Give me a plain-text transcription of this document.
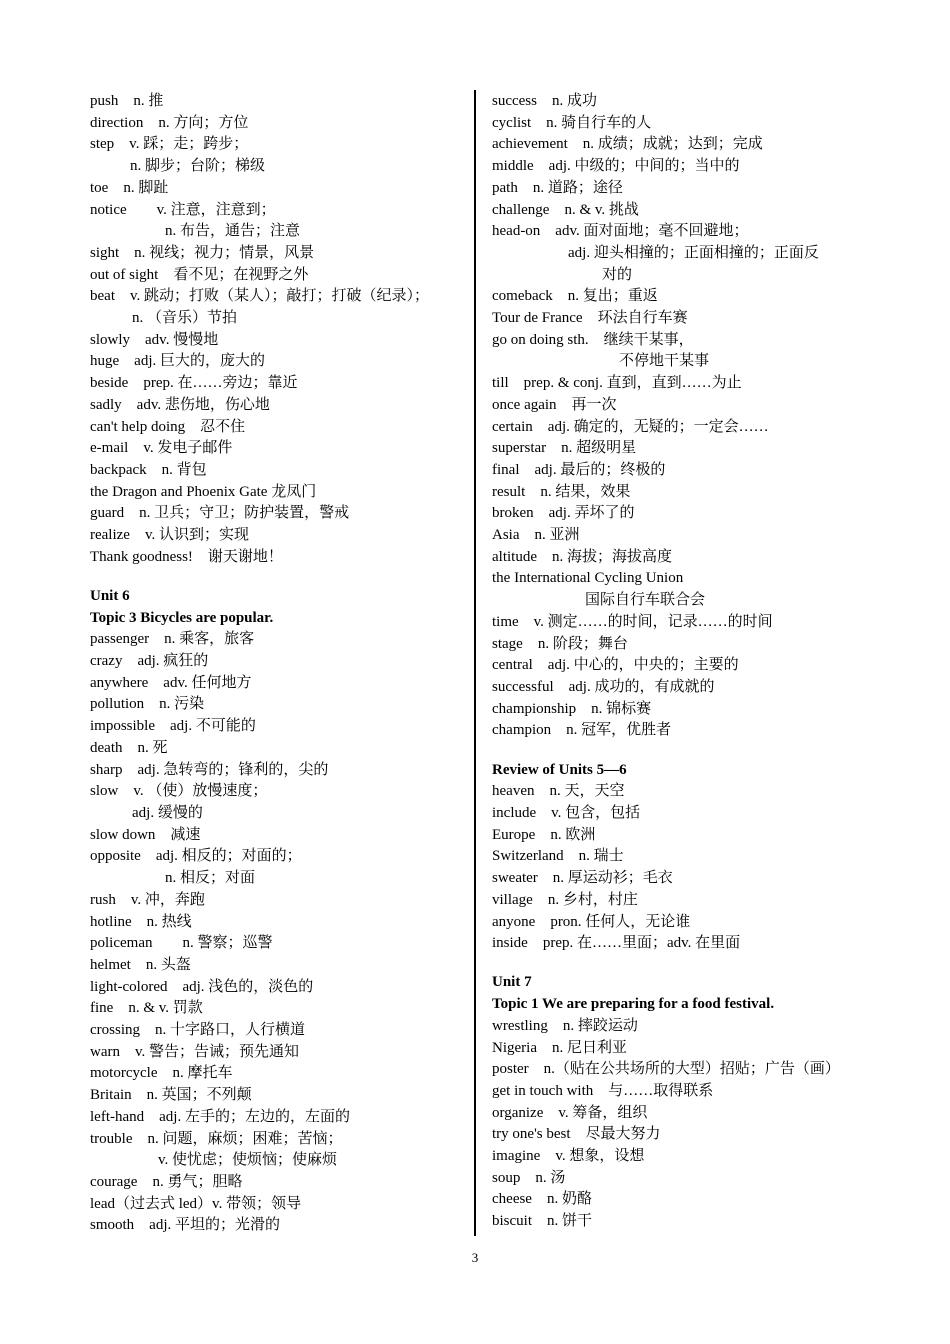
push n. 推
direction n. 方向；方位
step v. 踩；走；跨步；
n. 脚步；台阶；梯级
toe n. 脚趾
notice  v. 注意，注意到；
n. 布告，通告；注意
sight n. 视线；视力；情景，风景
out of sight 看不见；在视野之外
beat v. 跳动；打败（某人）；敲打；打破（纪录）；
n. （音乐）节拍
slowly adv. 慢慢地
huge adj. 巨大的，庞大的
beside prep. 在……旁边；靠近
sadly adv. 悲伤地，伤心地
can't help doing 忍不住
e-mail v. 发电子邮件
backpack n. 背包
the Dragon and Phoenix Gate 龙凤门
guard n. 卫兵；守卫；防护装置，警戒
realize v. 认识到；实现
Thank goodness! 谢天谢地！
Unit 6
Topic 3 Bicycles are popular.
passenger n. 乘客，旅客
crazy adj. 疯狂的
anywhere adv. 任何地方
pollution n. 污染
impossible adj. 不可能的
death n. 死
sharp adj. 急转弯的；锋利的，尖的
slow v. （使）放慢速度；
adj. 缓慢的
slow down 减速
opposite adj. 相反的；对面的；
n. 相反；对面
rush v. 冲，奔跑
hotline n. 热线
policeman  n. 警察；巡警
helmet n. 头盔
light-colored adj. 浅色的，淡色的
fine n. & v. 罚款
crossing n. 十字路口，人行横道
warn v. 警告；告诫；预先通知
motorcycle n. 摩托车
Britain n. 英国；不列颠
left-hand adj. 左手的；左边的，左面的
trouble n. 问题，麻烦；困难；苦恼；
v. 使忧虑；使烦恼；使麻烦
courage n. 勇气；胆略
lead（过去式 led）v. 带领；领导
smooth adj. 平坦的；光滑的
success n. 成功
cyclist n. 骑自行车的人
achievement n. 成绩；成就；达到；完成
middle adj. 中级的；中间的；当中的
path n. 道路；途径
challenge n. & v. 挑战
head-on adv. 面对面地；毫不回避地；
adj. 迎头相撞的；正面相撞的；正面反
对的
comeback n. 复出；重返
Tour de France 环法自行车赛
go on doing sth. 继续干某事，
不停地干某事
till prep. & conj. 直到，直到……为止
once again 再一次
certain adj. 确定的，无疑的；一定会……
superstar n. 超级明星
final adj. 最后的；终极的
result n. 结果，效果
broken adj. 弄坏了的
Asia n. 亚洲
altitude n. 海拔；海拔高度
the International Cycling Union
国际自行车联合会
time v. 测定……的时间，记录……的时间
stage n. 阶段；舞台
central adj. 中心的，中央的；主要的
successful adj. 成功的，有成就的
championship n. 锦标赛
champion n. 冠军，优胜者
Review of Units 5—6
heaven n. 天，天空
include v. 包含，包括
Europe n. 欧洲
Switzerland n. 瑞士
sweater n. 厚运动衫；毛衣
village n. 乡村，村庄
anyone pron. 任何人，无论谁
inside prep. 在……里面；adv. 在里面
Unit 7
Topic 1 We are preparing for a food festival.
wrestling n. 摔跤运动
Nigeria n. 尼日利亚
poster n.（贴在公共场所的大型）招贴；广告（画）
get in touch with 与……取得联系
organize v. 筹备，组织
try one's best 尽最大努力
imagine v. 想象，设想
soup n. 汤
cheese n. 奶酪
biscuit n. 饼干
3
